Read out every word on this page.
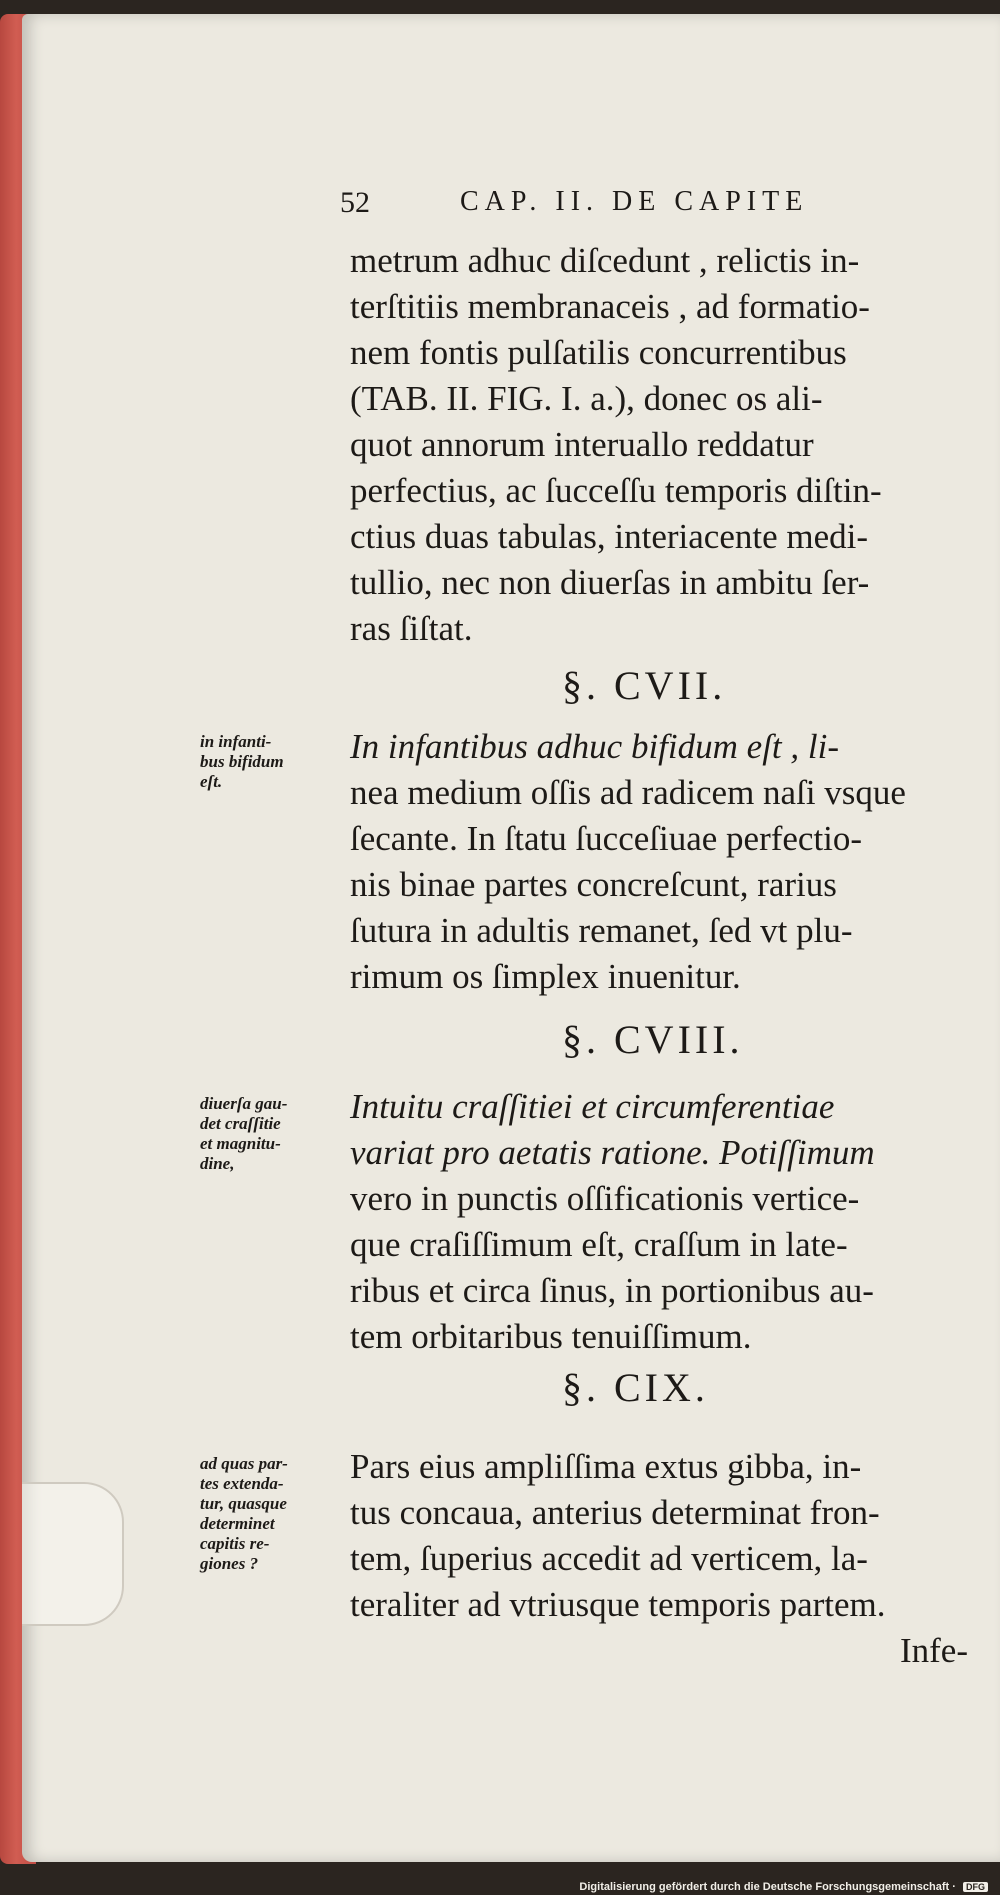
52	CAP. II. DE CAPITE
metrum adhuc diſcedunt , relictis in-
terſtitiis membranaceis , ad formatio-
nem fontis pulſatilis concurrentibus
(TAB. II. FIG. I. a.), donec os ali-
quot annorum interuallo reddatur
perfectius, ac ſucceſſu temporis diſtin-
ctius duas tabulas, interiacente medi-
tullio, nec non diuerſas in ambitu ſer-
ras ſiſtat.
§. CVII.
in infanti-
bus bifidum
eſt.
In infantibus adhuc bifidum eſt , li-
nea medium oſſis ad radicem naſi vsque
ſecante. In ſtatu ſucceſiuae perfectio-
nis binae partes concreſcunt, rarius
ſutura in adultis remanet, ſed vt plu-
rimum os ſimplex inuenitur.
§. CVIII.
diuerſa gau-
det craſſitie
et magnitu-
dine,
Intuitu craſſitiei et circumferentiae
variat pro aetatis ratione. Potiſſimum
vero in punctis oſſificationis vertice-
que craſiſſimum eſt, craſſum in late-
ribus et circa ſinus, in portionibus au-
tem orbitaribus tenuiſſimum.
§. CIX.
ad quas par-
tes extenda-
tur, quasque
determinet
capitis re-
giones ?
Pars eius ampliſſima extus gibba, in-
tus concaua, anterius determinat fron-
tem, ſuperius accedit ad verticem, la-
teraliter ad vtriusque temporis partem.
Infe-
Digitalisierung gefördert durch die Deutsche Forschungsgemeinschaft · DFG
